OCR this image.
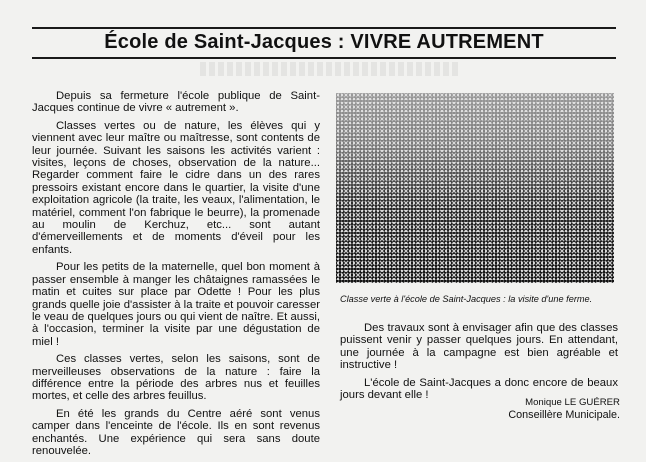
École de Saint-Jacques : VIVRE AUTREMENT

Depuis sa fermeture l'école publique de Saint-Jacques continue de vivre « autrement ».

Classes vertes ou de nature, les élèves qui y viennent avec leur maître ou maîtresse, sont contents de leur journée. Suivant les saisons les activités varient : visites, leçons de choses, observation de la nature... Regarder comment faire le cidre dans un des rares pressoirs existant encore dans le quartier, la visite d'une exploitation agricole (la traite, les veaux, l'alimentation, le matériel, comment l'on fabrique le beurre), la promenade au moulin de Kerchuz, etc... sont autant d'émerveillements et de moments d'éveil pour les enfants.

Pour les petits de la maternelle, quel bon moment à passer ensemble à manger les châtaignes ramassées le matin et cuites sur place par Odette ! Pour les plus grands quelle joie d'assister à la traite et pouvoir caresser le veau de quelques jours ou qui vient de naître. Et aussi, à l'occasion, terminer la visite par une dégustation de miel !

Ces classes vertes, selon les saisons, sont de merveilleuses observations de la nature : faire la différence entre la période des arbres nus et feuilles mortes, et celle des arbres feuillus.

En été les grands du Centre aéré sont venus camper dans l'enceinte de l'école. Ils en sont revenus enchantés. Une expérience qui sera sans doute renouvelée.

Classe verte à l'école de Saint-Jacques : la visite d'une ferme.

Des travaux sont à envisager afin que des classes puissent venir y passer quelques jours. En attendant, une journée à la campagne est bien agréable et instructive !

L'école de Saint-Jacques a donc encore de beaux jours devant elle !

Monique LE GUÉRER
Conseillère Municipale.
